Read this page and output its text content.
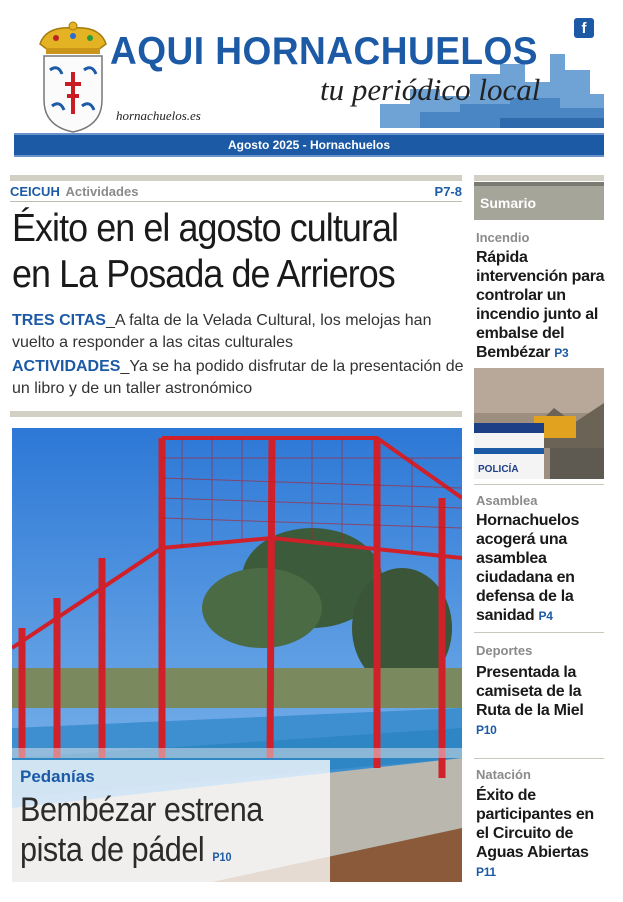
AQUI HORNACHUELOS
tu periódico local
hornachuelos.es
f
Agosto 2025 - Hornachuelos
CEICUH Actividades	P7-8
Éxito en el agosto cultural
en La Posada de Arrieros
TRES CITAS_A falta de la Velada Cultural, los melojas han vuelto a responder a las citas culturales
ACTIVIDADES_Ya se ha podido disfrutar de la presentación de un libro y de un taller astronómico
Pedanías
Bembézar estrena
pista de pádel P10
Sumario
Incendio
Rápida intervención para controlar un incendio junto al embalse del Bembézar P3
POLICÍA
Asamblea
Hornachuelos acogerá una asamblea ciudadana en defensa de la sanidad P4
Deportes
Presentada la camiseta de la Ruta de la Miel P10
Natación
Éxito de participantes en el Circuito de Aguas Abiertas P11
